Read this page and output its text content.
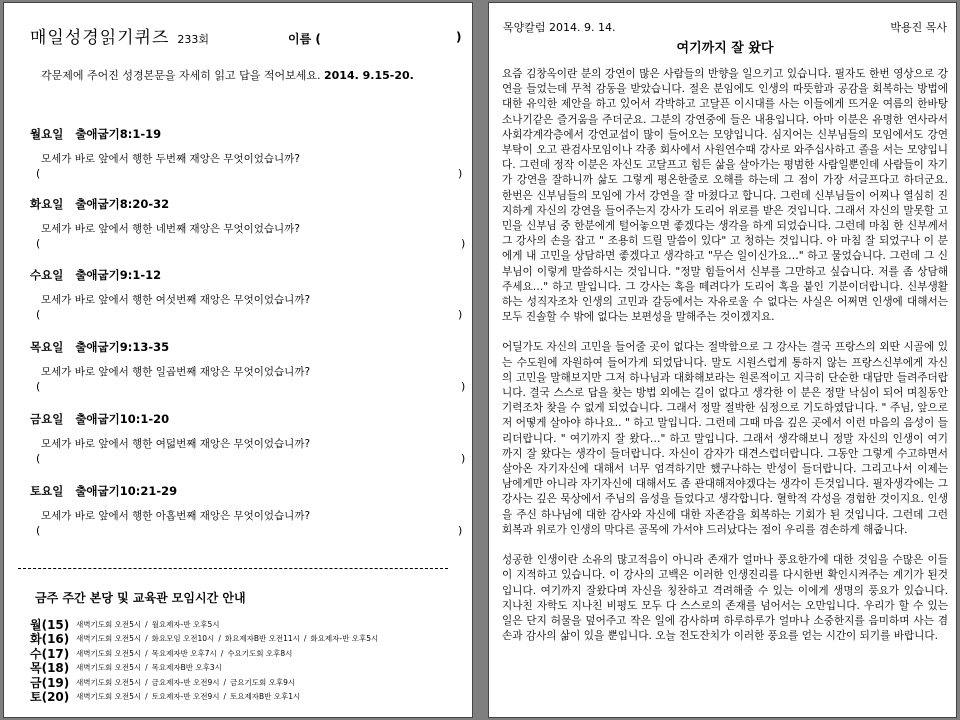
매일성경읽기퀴즈 233회	이름 (	)
각문제에 주어진 성경본문을 자세히 읽고 답을 적어보세요. 2014. 9.15-20.
월요일 출애굽기8:1-19
모세가 바로 앞에서 행한 두번째 재앙은 무엇이었습니까?
(	)
화요일 출애굽기8:20-32
모세가 바로 앞에서 행한 네번째 재앙은 무엇이었습니까?
(	)
수요일 출애굽기9:1-12
모세가 바로 앞에서 행한 여섯번째 재앙은 무엇이었습니까?
(	)
목요일 출애굽기9:13-35
모세가 바로 앞에서 행한 일곱번째 재앙은 무엇이었습니까?
(	)
금요일 출애굽기10:1-20
모세가 바로 앞에서 행한 여덟번째 재앙은 무엇이었습니까?
(	)
토요일 출애굽기10:21-29
모세가 바로 앞에서 행한 아홉번째 재앙은 무엇이었습니까?
(	)
금주 주간 본당 및 교육관 모임시간 안내
월(15) 새벽기도회 오전5시 / 월요제자-반 오후5시
화(16) 새벽기도회 오전5시 / 화요모임 오전10시 / 화요제자B반 오전11시 / 화요제자-반 오후5시
수(17) 새벽기도회 오전5시 / 목요제자반 오후7시 / 수요기도회 오후8시
목(18) 새벽기도회 오전5시 / 목요제자B반 오후3시
금(19) 새벽기도회 오전5시 / 금요제자-반 오전9시 / 금요기도회 오후9시
토(20) 새벽기도회 오전5시 / 토요제자-반 오전9시 / 토요제자B반 오후1시
목양칼럼 2014. 9. 14.	박용진 목사
여기까지 잘 왔다

요즘 김창옥이란 분의 강연이 많은 사람들의 반향을 일으키고 있습니다. 필자도 한번 영상으로 강연을 들었는데 무척 감동을 받았습니다. 절은 분임에도 인생의 따뜻함과 공감을 회복하는 방법에 대한 유익한 제안을 하고 있어서 각박하고 고달픈 이시대를 사는 이들에게 뜨거운 여름의 한바탕 소나기같은 즐거움을 주더군요. 그분의 강연중에 들은 내용입니다. 아마 이분은 유명한 연사라서 사회각계각층에서 강연교섭이 많이 들어오는 모양입니다. 심지어는 신부님들의 모임에서도 강연부탁이 오고 관검사모임이나 각종 회사에서 사원연수때 강사로 와주십사하고 졸을 서는 모양입니다. 그런데 정작 이분은 자신도 고달프고 힘든 삶을 살아가는 평범한 사람일뿐인데 사람들이 자기가 강연을 잘하니까 삶도 그렇게 평온한줄로 오해를 하는데 그 점이 가장 서글프다고 하더군요. 한번은 신부님들의 모임에 가서 강연을 잘 마쳤다고 합니다. 그런데 신부님들이 어찌나 열심히 진지하게 자신의 강연을 들어주는지 강사가 도리어 위로를 받은 것입니다. 그래서 자신의 말못할 고민을 신부님 중 한분에게 털어놓으면 좋겠다는 생각을 하게 되었습니다. 그런데 마침 한 신부께서 그 강사의 손을 잡고 " 조용히 드릴 말씀이 있다" 고 청하는 것입니다. 아 마침 잘 되었구나 이 분에게 내 고민을 상담하면 좋겠다고 생각하고 "무슨 일이신가요…" 하고 물었습니다. 그런데 그 신부님이 이렇게 말씀하시는 것입니다. "정말 힘들어서 신부를 그만하고 싶습니다. 저를 좀 상담해주세요…" 하고 말입니다. 그 강사는 혹을 떼려다가 도리어 혹을 붙인 기분이더랍니다. 신부생활하는 성직자조차 인생의 고민과 갈등에서는 자유로울 수 없다는 사실은 어쩌면 인생에 대해서는 모두 진솔할 수 밖에 없다는 보편성을 말해주는 것이겠지요.

어딜가도 자신의 고민을 들어줄 곳이 없다는 절박함으로 그 강사는 결국 프랑스의 외딴 시골에 있는 수도원에 자원하여 들어가게 되었답니다. 말도 시원스럽게 통하지 않는 프랑스신부에게 자신의 고민을 말해보지만 그저 하나님과 대화해보라는 원론적이고 지극히 단순한 대답만 들려주더랍니다. 결국 스스로 답을 찾는 방법 외에는 길이 없다고 생각한 이 분은 정말 낙심이 되어 며칠동안 기력조차 찾을 수 없게 되었습니다. 그래서 정말 절박한 심정으로 기도하였답니다. " 주님, 앞으로 저 어떻게 살아야 하나요.. " 하고 말입니다. 그런데 그때 마음 깊은 곳에서 이런 마음의 음성이 들리더랍니다. " 여기까지 잘 왔다…" 하고 말입니다. 그래서 생각해보니 정말 자신의 인생이 여기까지 잘 왔다는 생각이 들더랍니다. 자신이 감자가 대견스럽더랍니다. 그동안 그렇게 수고하면서 살아온 자기자신에 대해서 너무 엄격하기만 했구나하는 반성이 들더랍니다. 그리고나서 이제는 남에게만 아니라 자기자신에 대해서도 좀 관대해져야겠다는 생각이 든것입니다. 필자생각에는 그 강사는 깊은 묵상에서 주님의 음성을 들었다고 생각합니다. 혈학적 각성을 경험한 것이지요. 인생을 주신 하나님에 대한 감사와 자신에 대한 자존감을 회복하는 기회가 된 것입니다. 그런데 그런 회복과 위로가 인생의 막다른 골목에 가서야 드러났다는 점이 우리를 겸손하게 해줍니다.

성공한 인생이란 소유의 많고적음이 아니라 존재가 얼마나 풍요한가에 대한 것임을 수많은 이들이 지적하고 있습니다. 이 강사의 고백은 이러한 인생진리를 다시한번 확인시켜주는 계기가 된것입니다. 여기까지 잘왔다며 자신을 칭찬하고 격려해줄 수 있는 이에게 생명의 풍요가 있습니다. 지나친 자학도 지나친 비평도 모두 다 스스로의 존재를 넘어서는 오만입니다. 우리가 할 수 있는 일은 단지 허물을 덮어주고 작은 일에 감사하며 하루하루가 얼마나 소중한지를 음미하며 사는 겸손과 감사의 삶이 있을 뿐입니다. 오늘 전도잔치가 이러한 풍요를 얻는 시간이 되기를 바랍니다.
